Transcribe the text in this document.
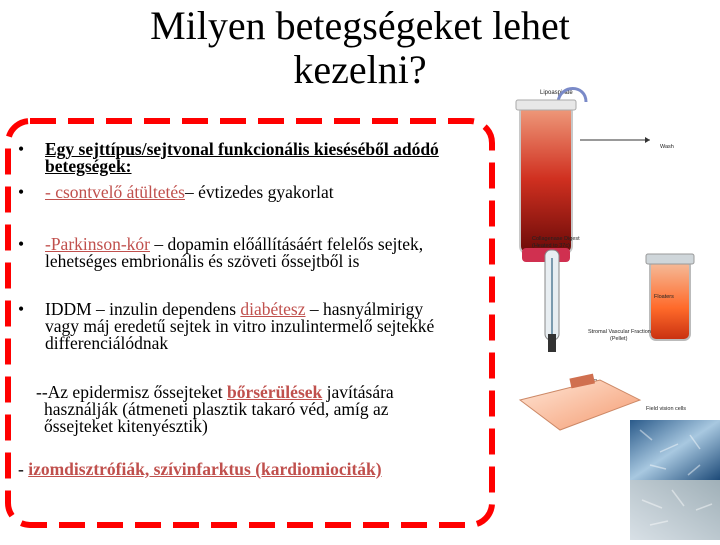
Milyen betegségeket lehet
kezelni?
• Egy sejttípus/sejtvonal funkcionális kieséséből adódó
betegségek:
• - csontvelő átültetés– évtizedes gyakorlat
• -Parkinson-kór – dopamin előállításáért felelős sejtek,
lehetséges embrionális és szöveti őssejtből is
• IDDM – inzulin dependens diabétesz – hasnyálmirigy
vagy máj eredetű sejtek in vitro inzulintermelő sejtekké
differenciálódnak
--Az epidermisz őssejteket bőrsérülések javítására
használják (átmeneti plasztik takaró véd, amíg az
őssejteket kitenyésztik)
- izomdisztrófiák, szívinfarktus (kardiomiociták)
Lipoaspirate
Wash
Collagenase Digest (Heated to 37c)
Floaters
Stromal Vascular Fraction (Pellet)
Field vision cells
